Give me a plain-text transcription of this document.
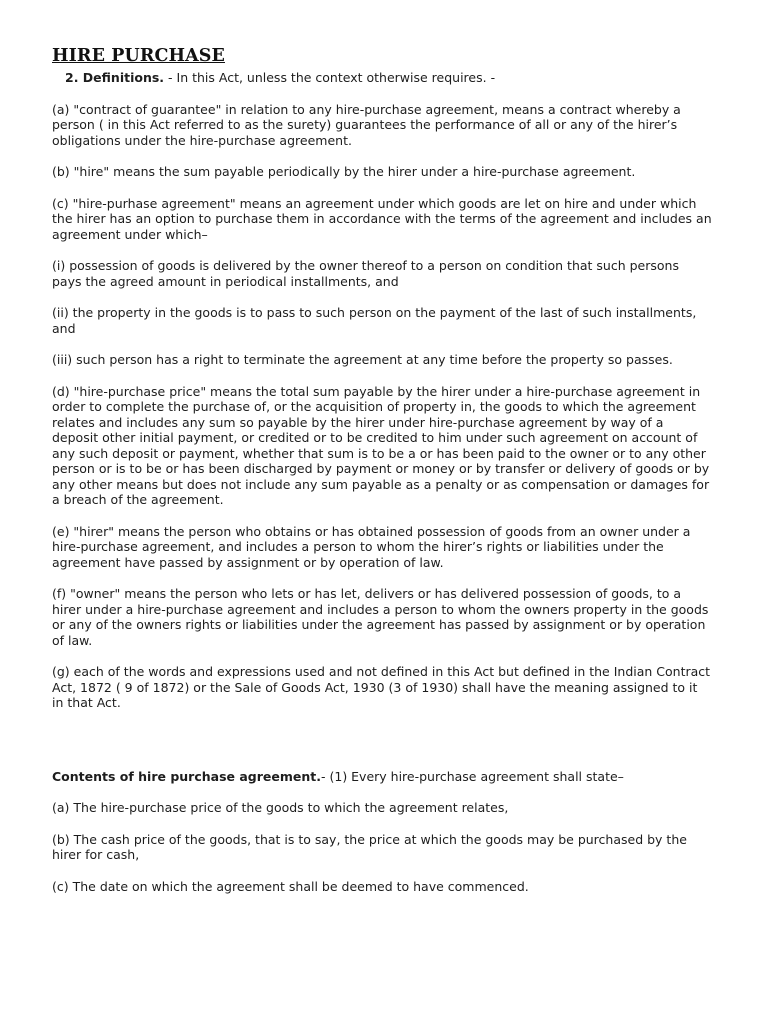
HIRE PURCHASE

2. Definitions. - In this Act, unless the context otherwise requires. -

(a) "contract of guarantee" in relation to any hire-purchase agreement, means a contract whereby a person ( in this Act referred to as the surety) guarantees the performance of all or any of the hirer’s obligations under the hire-purchase agreement.

(b) "hire" means the sum payable periodically by the hirer under a hire-purchase agreement.

(c) "hire-purhase agreement" means an agreement under which goods are let on hire and under which the hirer has an option to purchase them in accordance with the terms of the agreement and includes an agreement under which–

(i) possession of goods is delivered by the owner thereof to a person on condition that such persons pays the agreed amount in periodical installments, and

(ii) the property in the goods is to pass to such person on the payment of the last of such installments, and

(iii) such person has a right to terminate the agreement at any time before the property so passes.

(d) "hire-purchase price" means the total sum payable by the hirer under a hire-purchase agreement in order to complete the purchase of, or the acquisition of property in, the goods to which the agreement relates and includes any sum so payable by the hirer under hire-purchase agreement by way of a deposit other initial payment, or credited or to be credited to him under such agreement on account of any such deposit or payment, whether that sum is to be a or has been paid to the owner or to any other person or is to be or has been discharged by payment or money or by transfer or delivery of goods or by any other means but does not include any sum payable as a penalty or as compensation or damages for a breach of the agreement.

(e) "hirer" means the person who obtains or has obtained possession of goods from an owner under a hire-purchase agreement, and includes a person to whom the hirer’s rights or liabilities under the agreement have passed by assignment or by operation of law.

(f) "owner" means the person who lets or has let, delivers or has delivered possession of goods, to a hirer under a hire-purchase agreement and includes a person to whom the owners property in the goods or any of the owners rights or liabilities under the agreement has passed by assignment or by operation of law.

(g) each of the words and expressions used and not defined in this Act but defined in the Indian Contract Act, 1872 ( 9 of 1872) or the Sale of Goods Act, 1930 (3 of 1930) shall have the meaning assigned to it in that Act.

Contents of hire purchase agreement.- (1) Every hire-purchase agreement shall state–

(a) The hire-purchase price of the goods to which the agreement relates,

(b) The cash price of the goods, that is to say, the price at which the goods may be purchased by the hirer for cash,

(c) The date on which the agreement shall be deemed to have commenced.
